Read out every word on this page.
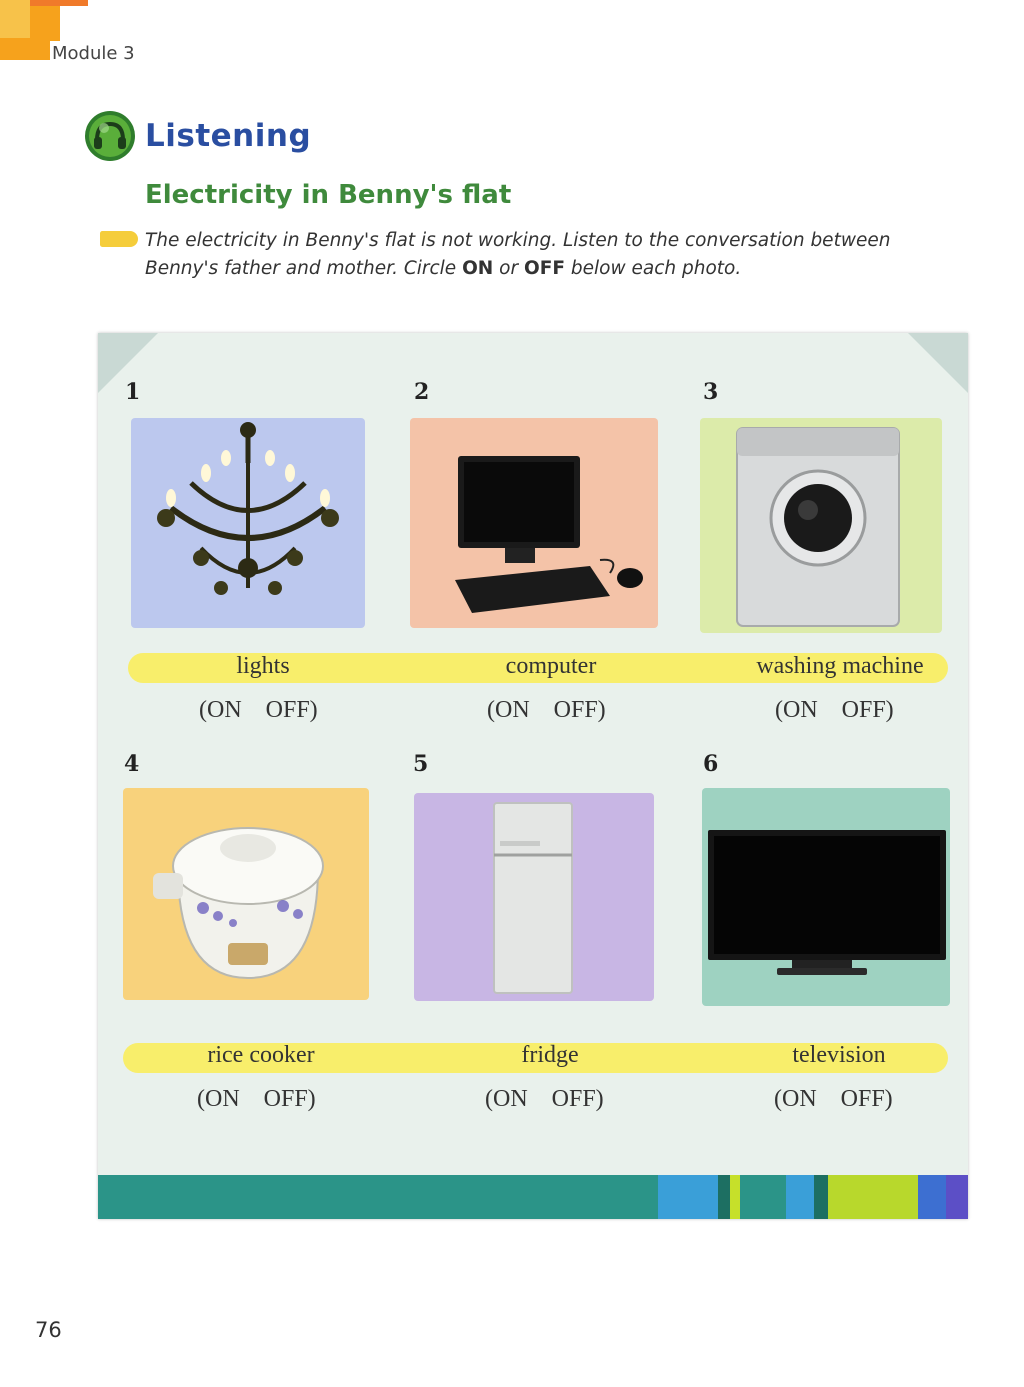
Module 3
Listening
Electricity in Benny's flat

The electricity in Benny's flat is not working. Listen to the conversation between Benny's father and mother. Circle ON or OFF below each photo.

1	2	3
lights	computer	washing machine
(ON OFF)	(ON OFF)	(ON OFF)
4	5	6
rice cooker	fridge	television
(ON OFF)	(ON OFF)	(ON OFF)
76
